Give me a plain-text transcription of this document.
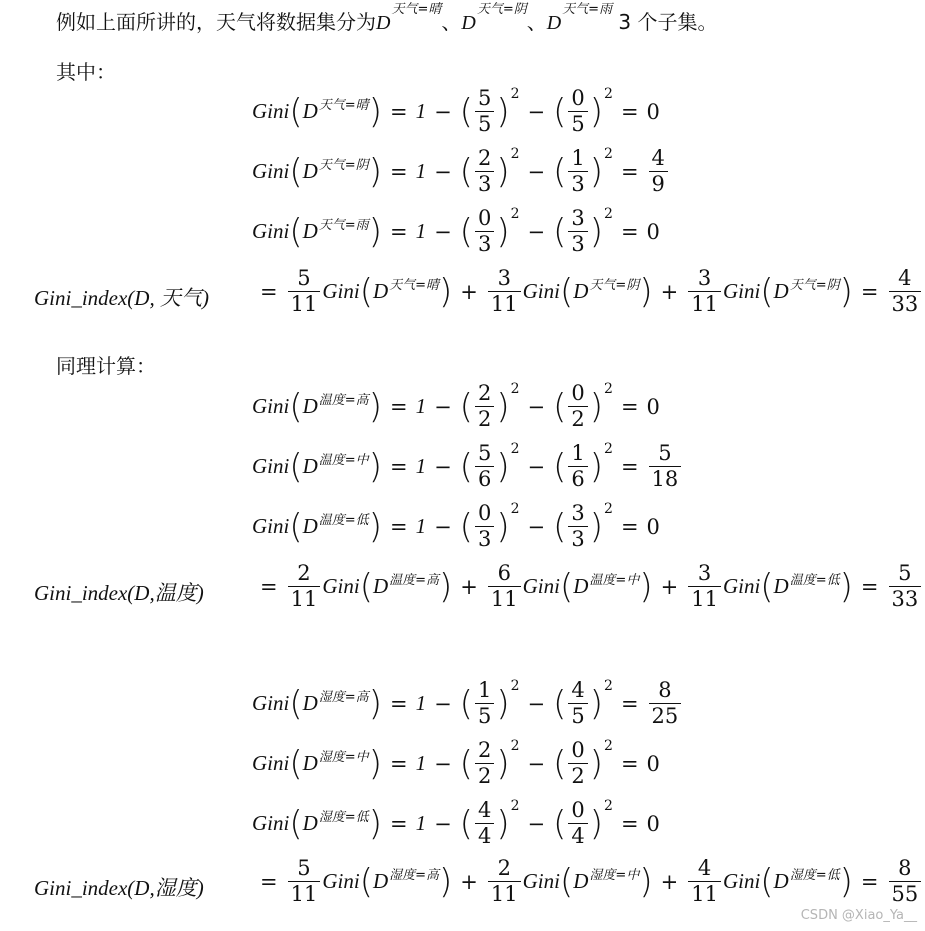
例如上面所讲的，天气将数据集分为$D^{天气=晴}$、$D^{天气=阴}$、$D^{天气=雨}$ 3 个子集。
其中：
同理计算：
Gini ( D 天气=晴 ) = 1 − ( $\frac{5}{5}$ ) 2
− ( $\frac{0}{5}$ ) 2
= 0
Gini ( D 天气=阴 ) = 1 − ( $\frac{2}{3}$ ) 2
− ( $\frac{1}{3}$ ) 2
= $\frac{4}{9}$
Gini ( D 天气=雨 ) = 1 − ( $\frac{0}{3}$ ) 2
− ( $\frac{3}{3}$ ) 2
= 0
Gini_index(D, 天气) = $\frac{5}{11}$ Gini ( D 天气=晴 ) + $\frac{3}{11}$ Gini ( D 天气=阴 ) + $\frac{3}{11}$ Gini ( D 天气=阴 ) = $\frac{4}{33}$
Gini ( D 温度=高 ) = 1 − ( $\frac{2}{2}$ ) 2
− ( $\frac{0}{2}$ ) 2
= 0
Gini ( D 温度=中 ) = 1 − ( $\frac{5}{6}$ ) 2
− ( $\frac{1}{6}$ ) 2
= $\frac{5}{18}$
Gini ( D 温度=低 ) = 1 − ( $\frac{0}{3}$ ) 2
− ( $\frac{3}{3}$ ) 2
= 0
Gini_index(D,温度)	= $\frac{2}{11}$ Gini ( D 温度=高 ) + $\frac{6}{11}$ Gini ( D 温度=中 ) + $\frac{3}{11}$ Gini ( D 温度=低 ) = $\frac{5}{33}$
Gini ( D 湿度=高 ) = 1 − ( $\frac{1}{5}$ ) 2
− ( $\frac{4}{5}$ ) 2
= $\frac{8}{25}$
Gini ( D 湿度=中 ) = 1 − ( $\frac{2}{2}$ ) 2
− ( $\frac{0}{2}$ ) 2
= 0
Gini ( D 湿度=低 ) = 1 − ( $\frac{4}{4}$ ) 2
− ( $\frac{0}{4}$ ) 2
= 0
Gini_index(D,湿度)	= $\frac{5}{11}$ Gini ( D 湿度=高 ) + $\frac{2}{11}$ Gini ( D 湿度=中 ) + $\frac{4}{11}$ Gini ( D 湿度=低 ) = $\frac{8}{55}$
CSDN @Xiao_Ya__
